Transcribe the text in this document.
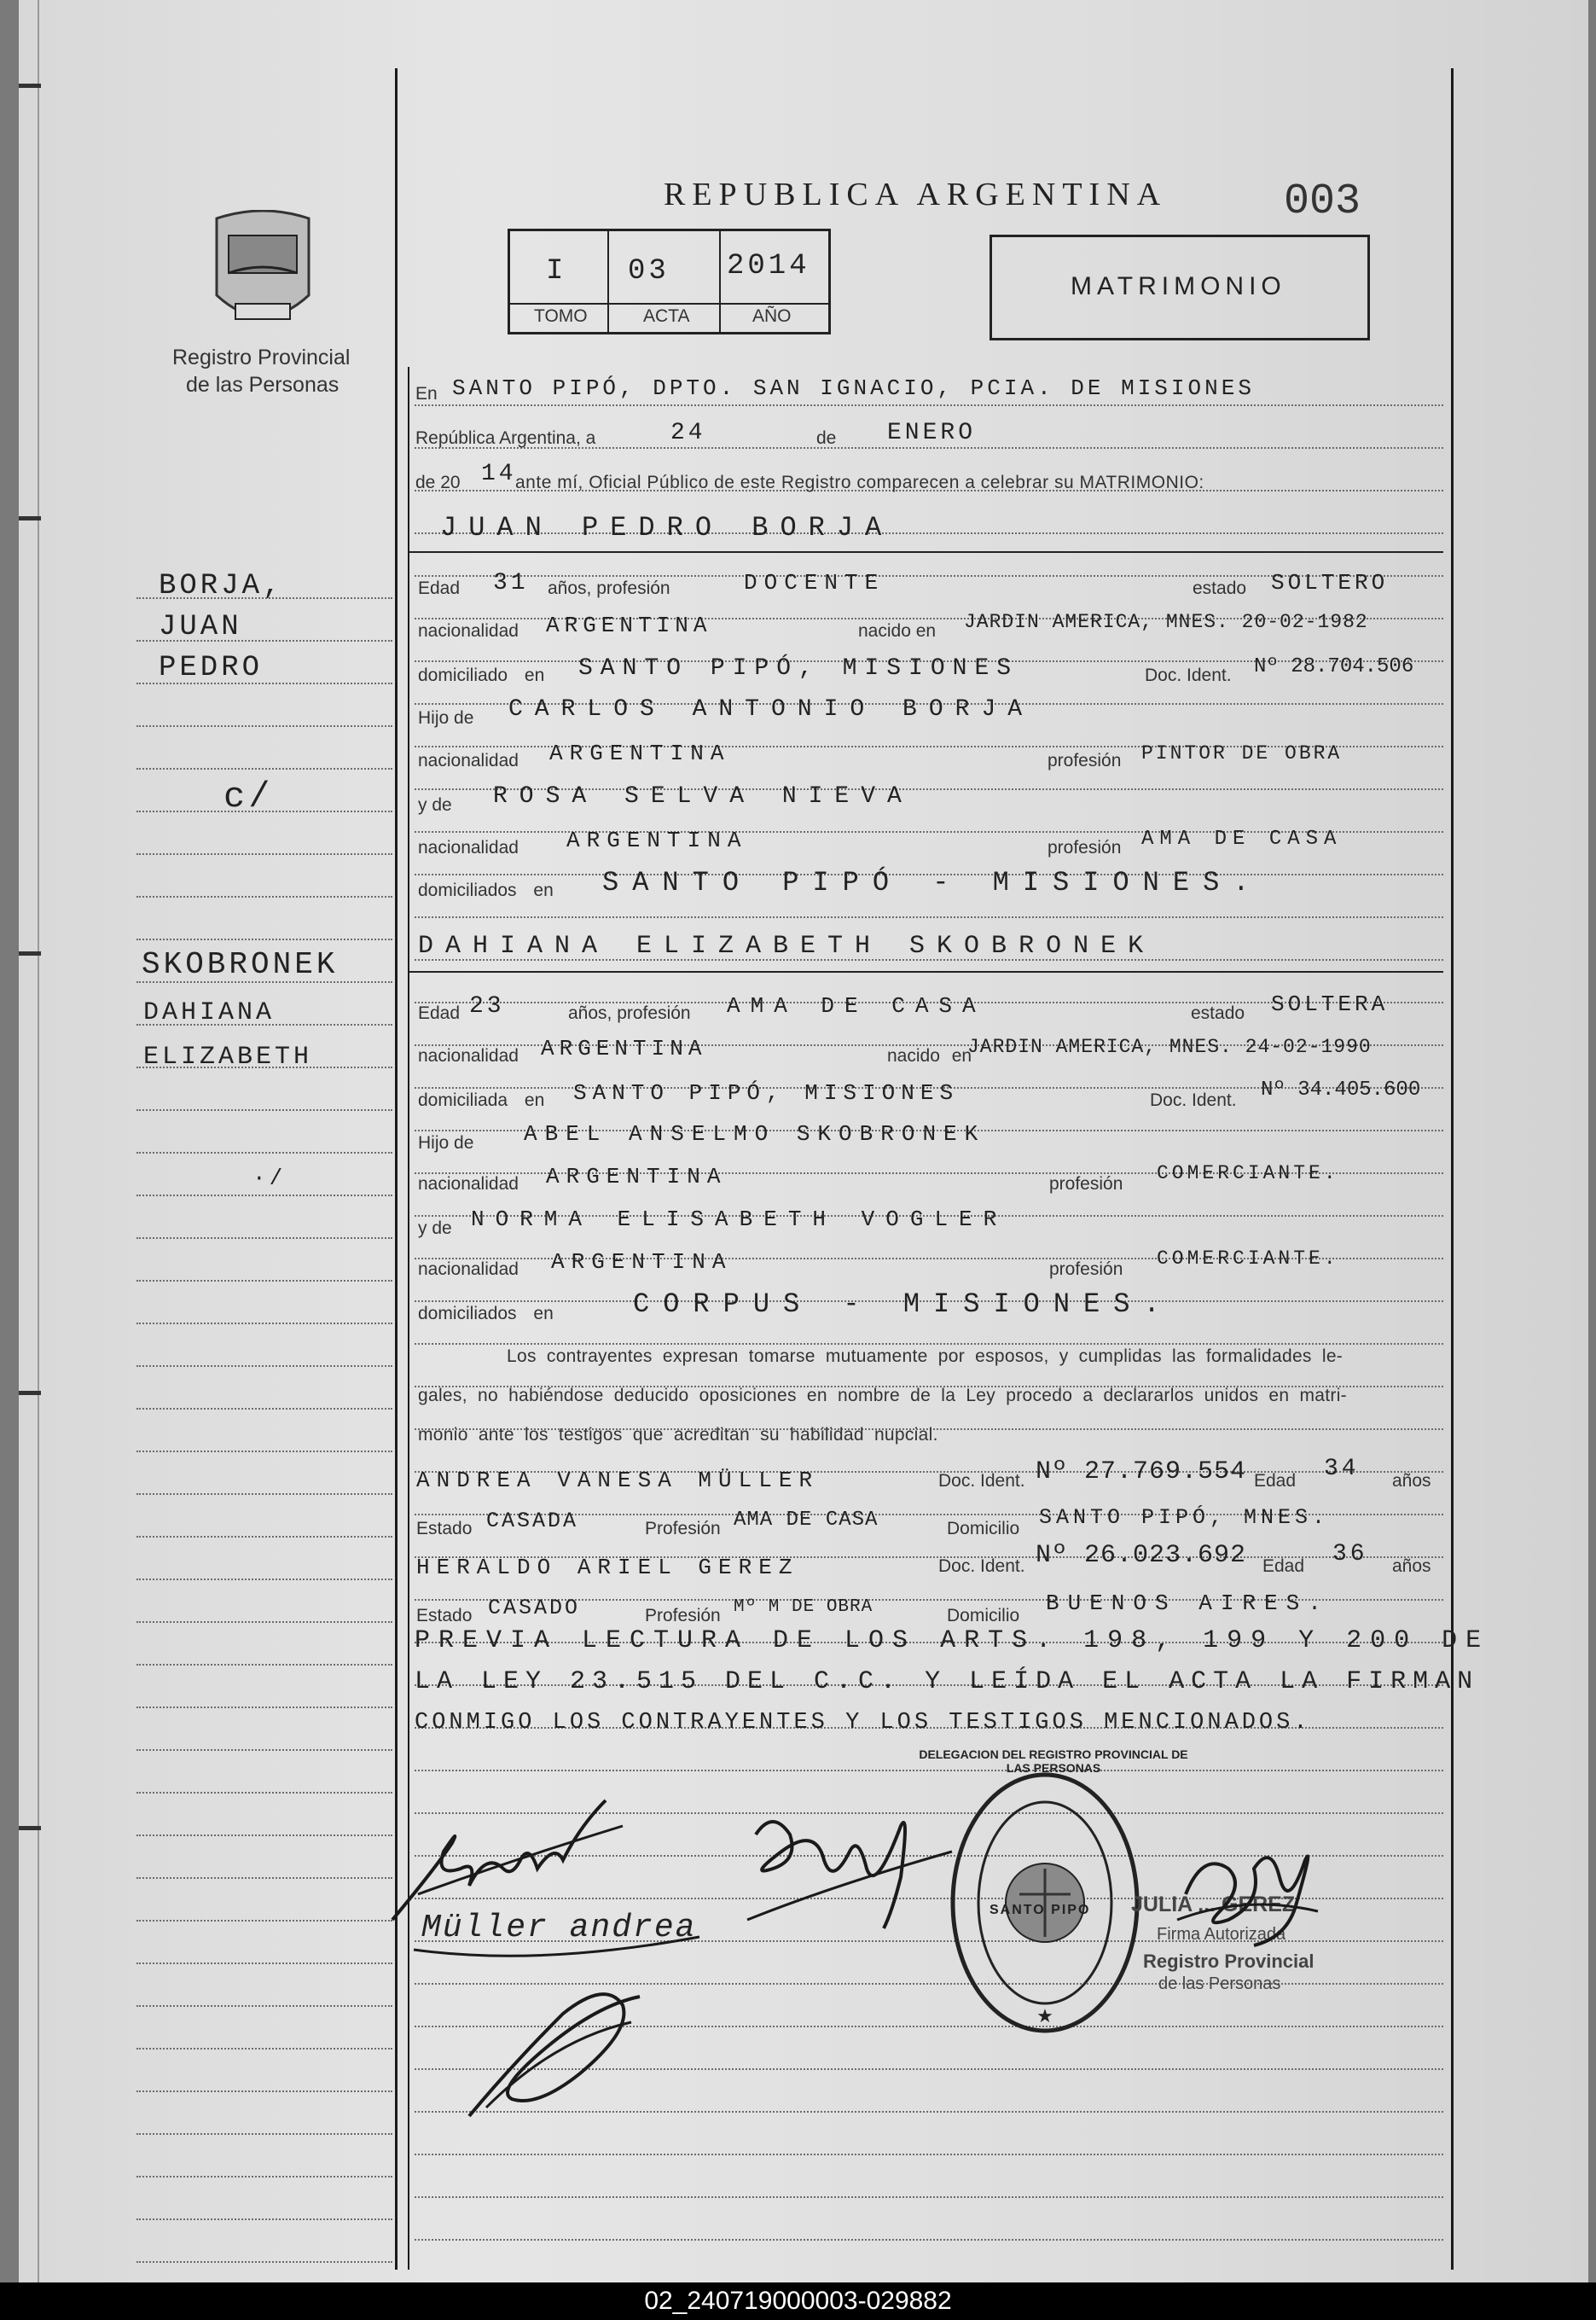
REPUBLICA ARGENTINA	003
Registro Provincial
de las Personas
I 03 2014
TOMO	ACTA	AÑO
MATRIMONIO
BORJA,
JUAN
PEDRO
c/
SKOBRONEK
DAHIANA
ELIZABETH
·/
En SANTO PIPÓ, DPTO. SAN IGNACIO, PCIA. DE MISIONES
República Argentina, a	24	de ENERO
de 20 14
ante mí, Oficial Público de este Registro comparecen a celebrar su MATRIMONIO:
JUAN PEDRO BORJA
Edad 31 años, profesión	DOCENTE	estado SOLTERO
nacionalidad ARGENTINA	nacido en JARDIN AMERICA, MNES. 20-02-1982
domiciliado en SANTO PIPÓ, MISIONES	Doc. Ident. Nº 28.704.506
Hijo de CARLOS ANTONIO BORJA
nacionalidad ARGENTINA	profesión PINTOR DE OBRA
y de ROSA SELVA NIEVA
nacionalidad ARGENTINA	profesión AMA DE CASA
domiciliados en SANTO PIPÓ - MISIONES.
DAHIANA ELIZABETH SKOBRONEK
Edad 23	años, profesión AMA DE CASA	estado SOLTERA
nacionalidad ARGENTINA	nacido en
JARDIN AMERICA, MNES. 24-02-1990
domiciliada en SANTO PIPÓ, MISIONES	Doc. Ident. Nº 34.405.600
Hijo de ABEL ANSELMO SKOBRONEK
nacionalidad ARGENTINA	profesión COMERCIANTE.
y de NORMA ELISABETH VOGLER
nacionalidad ARGENTINA	profesión COMERCIANTE.
domiciliados en	CORPUS - MISIONES.
Los contrayentes expresan tomarse mutuamente por esposos, y cumplidas las formalidades le-
gales, no habiéndose deducido oposiciones en nombre de la Ley procedo a declararlos unidos en matri-
monio ante los testigos que acreditan su habilidad nupcial.
ANDREA VANESA MÜLLER	Doc. Ident. Nº 27.769.554 Edad 34 años
Estado CASADA	Profesión AMA DE CASA	Domicilio SANTO PIPÓ, MNES.
HERALDO ARIEL GEREZ	Doc. Ident. Nº 26.023.692 Edad 36 años
Estado CASADO	Profesión Mº M DE OBRA	Domicilio BUENOS AIRES.
PREVIA LECTURA DE LOS ARTS. 198, 199 Y 200 DE
LA LEY 23.515 DEL C.C. Y LEÍDA EL ACTA LA FIRMAN
CONMIGO LOS CONTRAYENTES Y LOS TESTIGOS MENCIONADOS.
Müller andrea
★
SANTO PIPO
DELEGACION DEL REGISTRO PROVINCIAL DE LAS PERSONAS
JULIA ... GEREZ
Firma Autorizada
Registro Provincial
de las Personas
02_240719000003-029882
